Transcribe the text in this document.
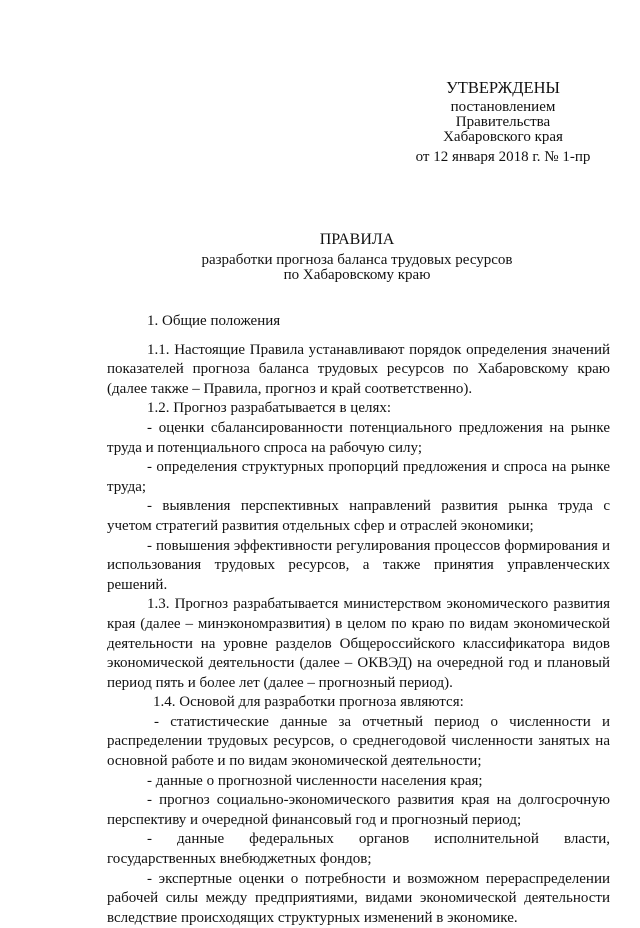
УТВЕРЖДЕНЫ
постановлением
Правительства
Хабаровского края
от 12 января 2018 г. № 1-пр
ПРАВИЛА
разработки прогноза баланса трудовых ресурсов
по Хабаровскому краю

1. Общие положения

1.1. Настоящие Правила устанавливают порядок определения значений показателей прогноза баланса трудовых ресурсов по Хабаровскому краю (далее также – Правила, прогноз и край соответственно).

1.2. Прогноз разрабатывается в целях:

- оценки сбалансированности потенциального предложения на рынке труда и потенциального спроса на рабочую силу;

- определения структурных пропорций предложения и спроса на рынке труда;

- выявления перспективных направлений развития рынка труда с учетом стратегий развития отдельных сфер и отраслей экономики;

- повышения эффективности регулирования процессов формирования и использования трудовых ресурсов, а также принятия управленческих решений.

1.3. Прогноз разрабатывается министерством экономического развития края (далее – минэкономразвития) в целом по краю по видам экономической деятельности на уровне разделов Общероссийского классификатора видов экономической деятельности (далее – ОКВЭД) на очередной год и плановый период пять и более лет (далее – прогнозный период).

1.4. Основой для разработки прогноза являются:

- статистические данные за отчетный период о численности и распределении трудовых ресурсов, о среднегодовой численности занятых на основной работе и по видам экономической деятельности;

- данные о прогнозной численности населения края;

- прогноз социально-экономического развития края на долгосрочную перспективу и очередной финансовый год и прогнозный период;

- данные федеральных органов исполнительной власти, государственных внебюджетных фондов;

- экспертные оценки о потребности и возможном перераспределении рабочей силы между предприятиями, видами экономической деятельности вследствие происходящих структурных изменений в экономике.
